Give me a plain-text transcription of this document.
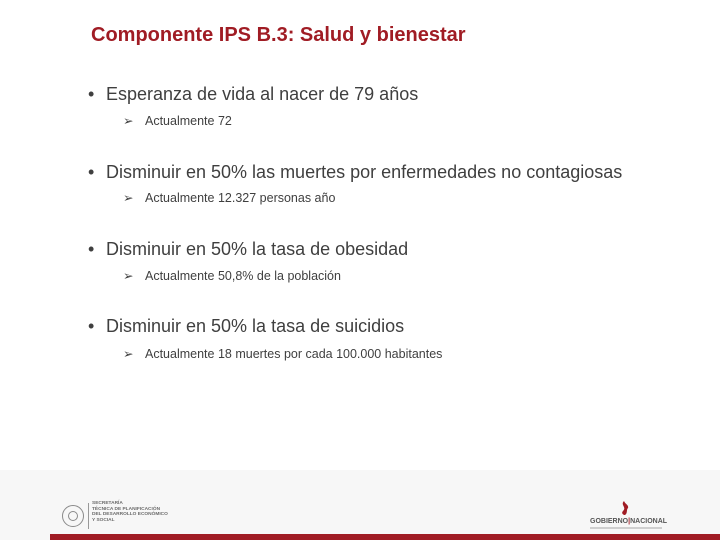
Componente IPS B.3: Salud y bienestar
• Esperanza de vida al nacer de 79 años
➢ Actualmente 72
• Disminuir en 50% las muertes por enfermedades no contagiosas
➢ Actualmente 12.327 personas año
• Disminuir en 50% la tasa de obesidad
➢ Actualmente 50,8% de la población
• Disminuir en 50% la tasa de suicidios
➢ Actualmente 18 muertes por cada 100.000 habitantes
SECRETARÍA
TÉCNICA DE PLANIFICACIÓN
DEL DESARROLLO ECONÓMICO
Y SOCIAL	GOBIERNO|NACIONAL
